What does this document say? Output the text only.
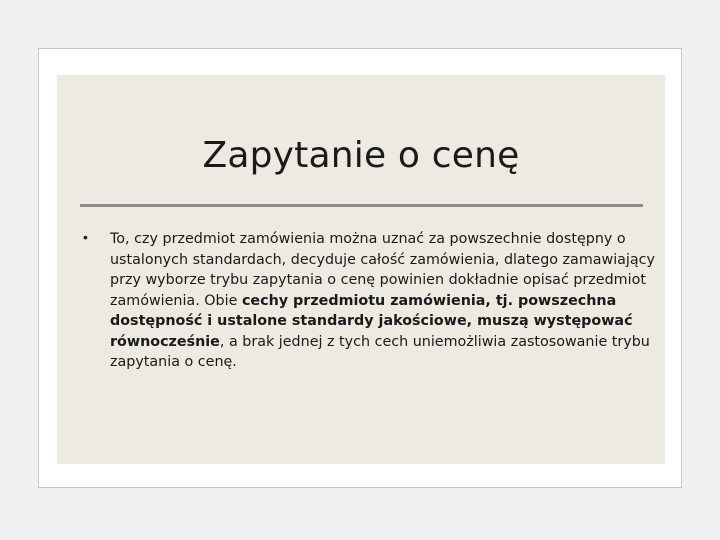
Zapytanie o cenę
• To, czy przedmiot zamówienia można uznać za powszechnie dostępny o
ustalonych standardach, decyduje całość zamówienia, dlatego zamawiający
przy wyborze trybu zapytania o cenę powinien dokładnie opisać przedmiot
zamówienia. Obie cechy przedmiotu zamówienia, tj. powszechna
dostępność i ustalone standardy jakościowe, muszą występować
równocześnie, a brak jednej z tych cech uniemożliwia zastosowanie trybu
zapytania o cenę.
